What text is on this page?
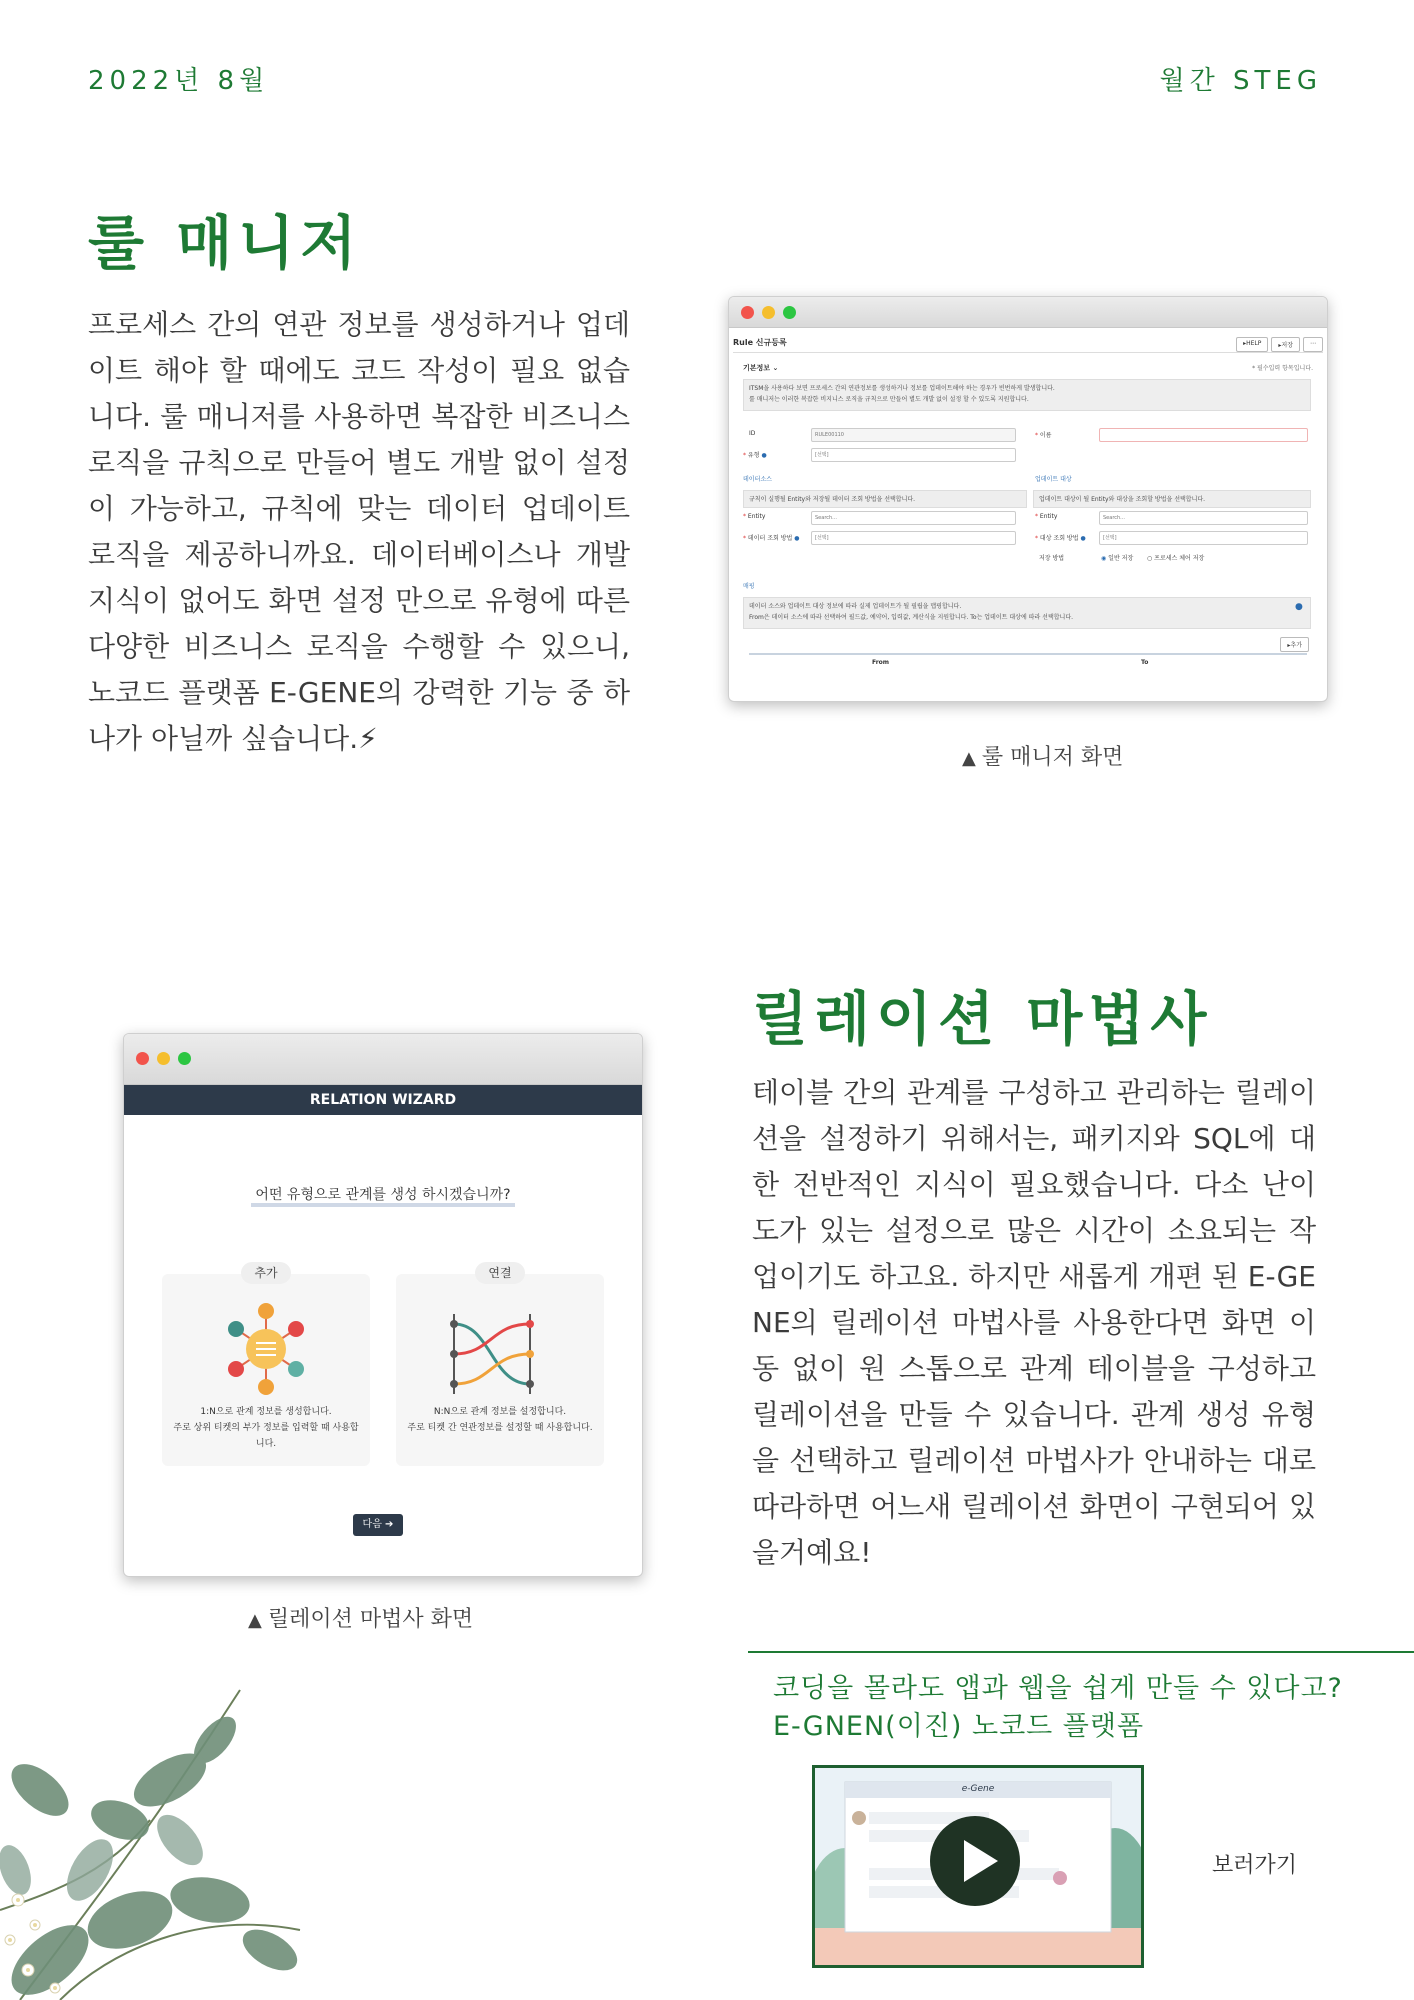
2022년 8월	월간 STEG
룰 매니저
프로세스 간의 연관 정보를 생성하거나 업데이트 해야 할 때에도 코드 작성이 필요 없습니다. 룰 매니저를 사용하면 복잡한 비즈니스 로직을 규칙으로 만들어 별도 개발 없이 설정이 가능하고, 규칙에 맞는 데이터 업데이트 로직을 제공하니까요. 데이터베이스나 개발 지식이 없어도 화면 설정 만으로 유형에 따른 다양한 비즈니스 로직을 수행할 수 있으니, 노코드 플랫폼 E-GENE의 강력한 기능 중 하나가 아닐까 싶습니다.⚡
Rule 신규등록	▸HELP	▸저장	⋯
기본정보 ⌄	* 필수입력 항목입니다.
ITSM을 사용하다 보면 프로세스 간의 연관정보를 생성하거나 정보를 업데이트해야 하는 경우가 빈번하게 발생합니다.
룰 매니저는 이러한 복잡한 비지니스 로직을 규칙으로 만들어 별도 개발 없이 설정 할 수 있도록 지원합니다.
ID	RULE00110	* 이름
* 유형 ●	[선택]
데이터소스	업데이트 대상
규칙이 실행될 Entity와 저장될 데이터 조회 방법을 선택합니다.	업데이트 대상이 될 Entity와 대상을 조회할 방법을 선택합니다.
* Entity	Search...	* Entity	Search...
* 데이터 조회 방법 ●	[선택]	* 대상 조회 방법 ●	[선택]
저장 방법	◉ 일반 저장 ○ 프로세스 체어 저장
매핑
데이터 소스와 업데이트 대상 정보에 따라 실제 업데이트가 될 필립을 맵핑합니다.
From은 데이터 소스에 따라 선택하여 필드값, 예약어, 입력값, 계산식을 지원합니다. To는 업데이트 대상에 따라 선택합니다.
●
▸추가
From	To
▲ 룰 매니저 화면
릴레이션 마법사
테이블 간의 관계를 구성하고 관리하는 릴레이션을 설정하기 위해서는, 패키지와 SQL에 대한 전반적인 지식이 필요했습니다. 다소 난이도가 있는 설정으로 많은 시간이 소요되는 작업이기도 하고요. 하지만 새롭게 개편 된 E-GENE의 릴레이션 마법사를 사용한다면 화면 이동 없이 원 스톱으로 관계 테이블을 구성하고 릴레이션을 만들 수 있습니다. 관계 생성 유형을 선택하고 릴레이션 마법사가 안내하는 대로 따라하면 어느새 릴레이션 화면이 구현되어 있을거예요!
RELATION WIZARD
어떤 유형으로 관계를 생성 하시겠습니까?
1:N으로 관계 정보를 생성합니다.
주로 상위 티켓의 부가 정보를 입력할 때 사용합니다.
추가
N:N으로 관계 정보를 설정합니다.
주로 티켓 간 연관정보를 설정할 때 사용합니다.
연결
다음 ➔
▲ 릴레이션 마법사 화면
코딩을 몰라도 앱과 웹을 쉽게 만들 수 있다고?
E-GNEN(이진) 노코드 플랫폼
e-Gene
보러가기
